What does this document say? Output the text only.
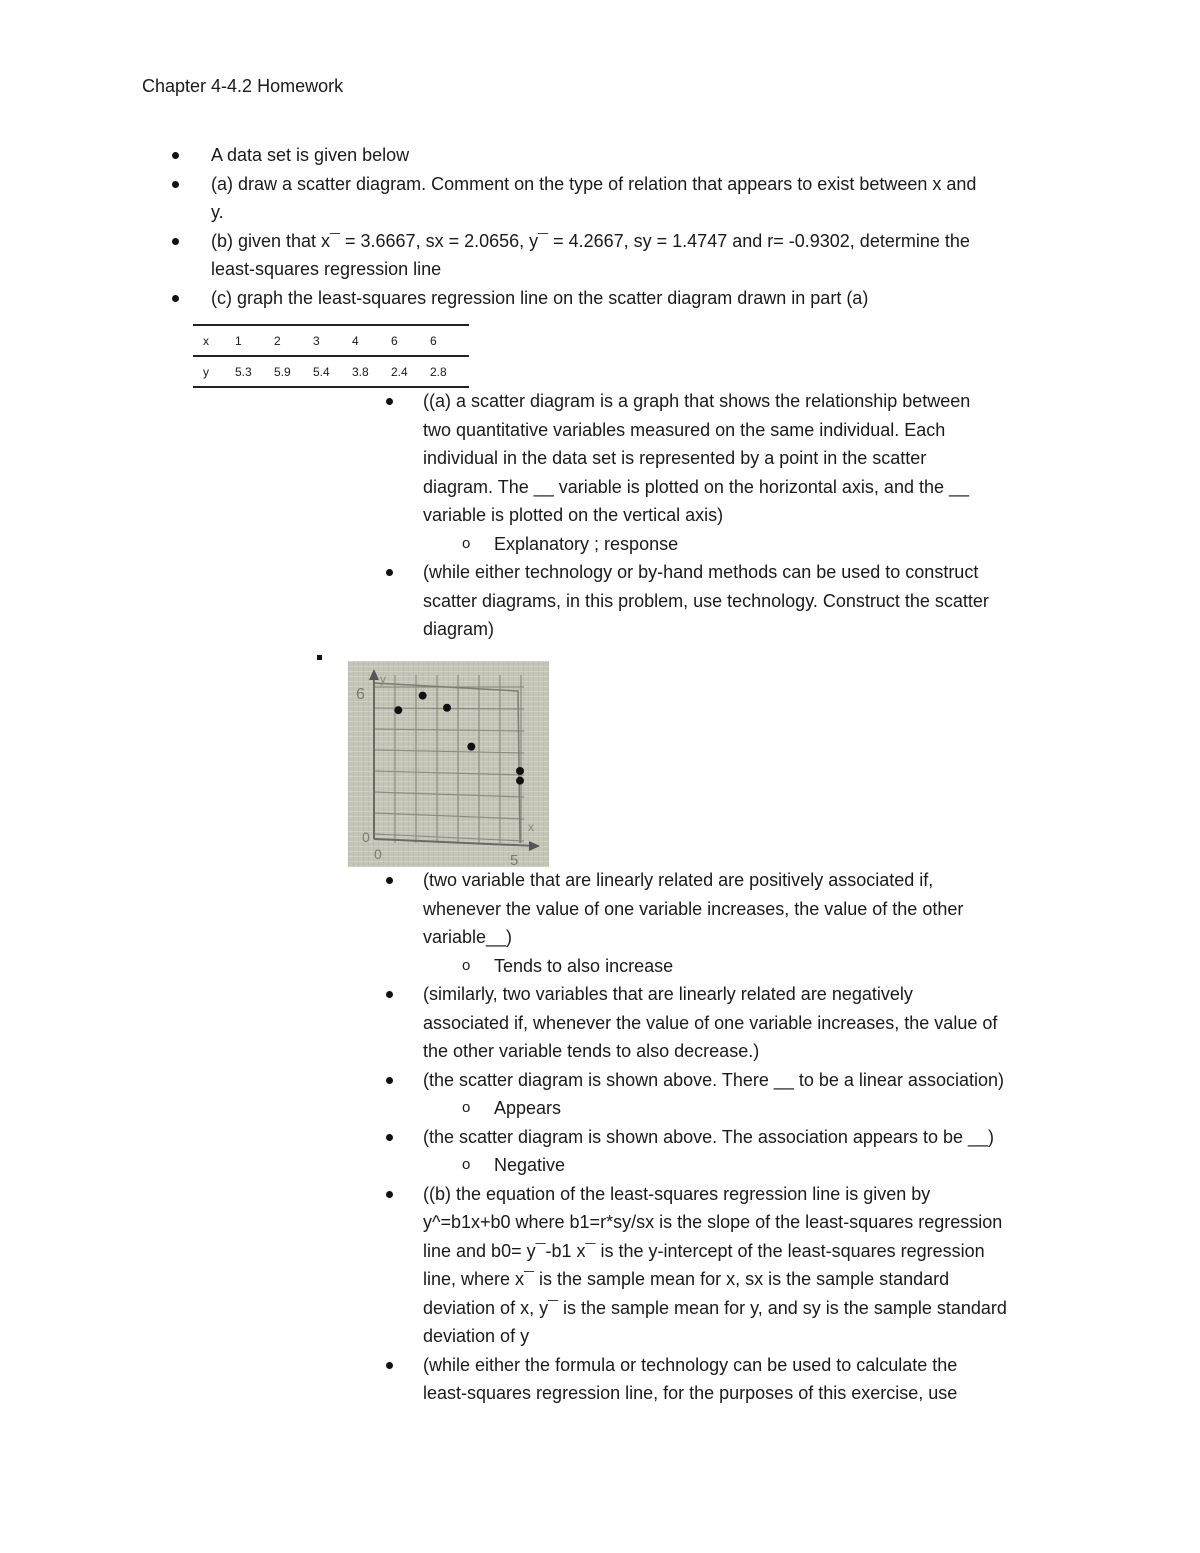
Chapter 4-4.2 Homework
A data set is given below
(a) draw a scatter diagram. Comment on the type of relation that appears to exist between x and
y.
(b) given that x¯ = 3.6667, sx = 2.0656, y¯ = 4.2667, sy = 1.4747 and r= -0.9302, determine the
least-squares regression line
(c) graph the least-squares regression line on the scatter diagram drawn in part (a)
x	1	2	3	4	6	6
y	5.3	5.9	5.4	3.8	2.4	2.8
((a) a scatter diagram is a graph that shows the relationship between
two quantitative variables measured on the same individual. Each
individual in the data set is represented by a point in the scatter
diagram. The __ variable is plotted on the horizontal axis, and the __
variable is plotted on the vertical axis)
o Explanatory ; response
(while either technology or by-hand methods can be used to construct
scatter diagrams, in this problem, use technology. Construct the scatter
diagram)
6
0
0	5
y
x
(two variable that are linearly related are positively associated if,
whenever the value of one variable increases, the value of the other
variable__)
o Tends to also increase
(similarly, two variables that are linearly related are negatively
associated if, whenever the value of one variable increases, the value of
the other variable tends to also decrease.)
(the scatter diagram is shown above. There __ to be a linear association)
o Appears
(the scatter diagram is shown above. The association appears to be __)
o Negative
((b) the equation of the least-squares regression line is given by
y^=b1x+b0 where b1=r*sy/sx is the slope of the least-squares regression
line and b0= y¯-b1 x¯ is the y-intercept of the least-squares regression
line, where x¯ is the sample mean for x, sx is the sample standard
deviation of x, y¯ is the sample mean for y, and sy is the sample standard
deviation of y
(while either the formula or technology can be used to calculate the
least-squares regression line, for the purposes of this exercise, use
